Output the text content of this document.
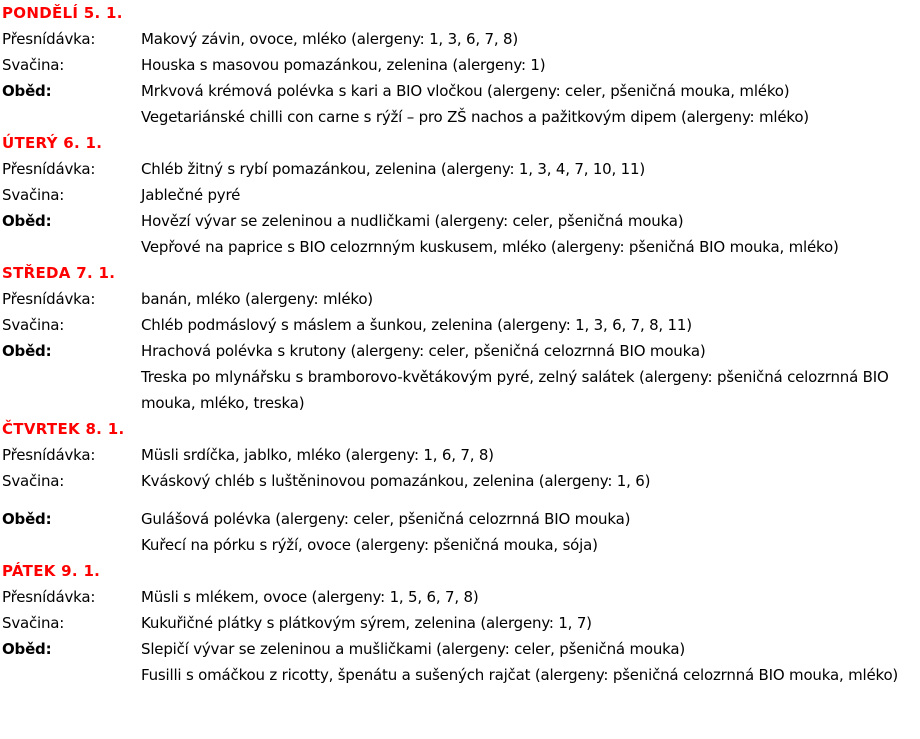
PONDĚLÍ 5. 1.
Přesnídávka:	Makový závin, ovoce, mléko (alergeny: 1, 3, 6, 7, 8)
Svačina:	Houska s masovou pomazánkou, zelenina (alergeny: 1)
Oběd:	Mrkvová krémová polévka s kari a BIO vločkou (alergeny: celer, pšeničná mouka, mléko)
Vegetariánské chilli con carne s rýží – pro ZŠ nachos a pažitkovým dipem (alergeny: mléko)
ÚTERÝ 6. 1.
Přesnídávka:	Chléb žitný s rybí pomazánkou, zelenina (alergeny: 1, 3, 4, 7, 10, 11)
Svačina:	Jablečné pyré
Oběd:	Hovězí vývar se zeleninou a nudličkami (alergeny: celer, pšeničná mouka)
Vepřové na paprice s BIO celozrnným kuskusem, mléko (alergeny: pšeničná BIO mouka, mléko)
STŘEDA 7. 1.
Přesnídávka:	banán, mléko (alergeny: mléko)
Svačina:	Chléb podmáslový s máslem a šunkou, zelenina (alergeny: 1, 3, 6, 7, 8, 11)
Oběd:	Hrachová polévka s krutony (alergeny: celer, pšeničná celozrnná BIO mouka)
Treska po mlynářsku s bramborovo-květákovým pyré, zelný salátek (alergeny: pšeničná celozrnná BIO mouka, mléko, treska)
ČTVRTEK 8. 1.
Přesnídávka:	Müsli srdíčka, jablko, mléko (alergeny: 1, 6, 7, 8)
Svačina:	Kváskový chléb s luštěninovou pomazánkou, zelenina (alergeny: 1, 6)
Oběd:	Gulášová polévka (alergeny: celer, pšeničná celozrnná BIO mouka)
Kuřecí na pórku s rýží, ovoce (alergeny: pšeničná mouka, sója)
PÁTEK 9. 1.
Přesnídávka:	Müsli s mlékem, ovoce (alergeny: 1, 5, 6, 7, 8)
Svačina:	Kukuřičné plátky s plátkovým sýrem, zelenina (alergeny: 1, 7)
Oběd:	Slepičí vývar se zeleninou a mušličkami (alergeny: celer, pšeničná mouka)
Fusilli s omáčkou z ricotty, špenátu a sušených rajčat (alergeny: pšeničná celozrnná BIO mouka, mléko)
